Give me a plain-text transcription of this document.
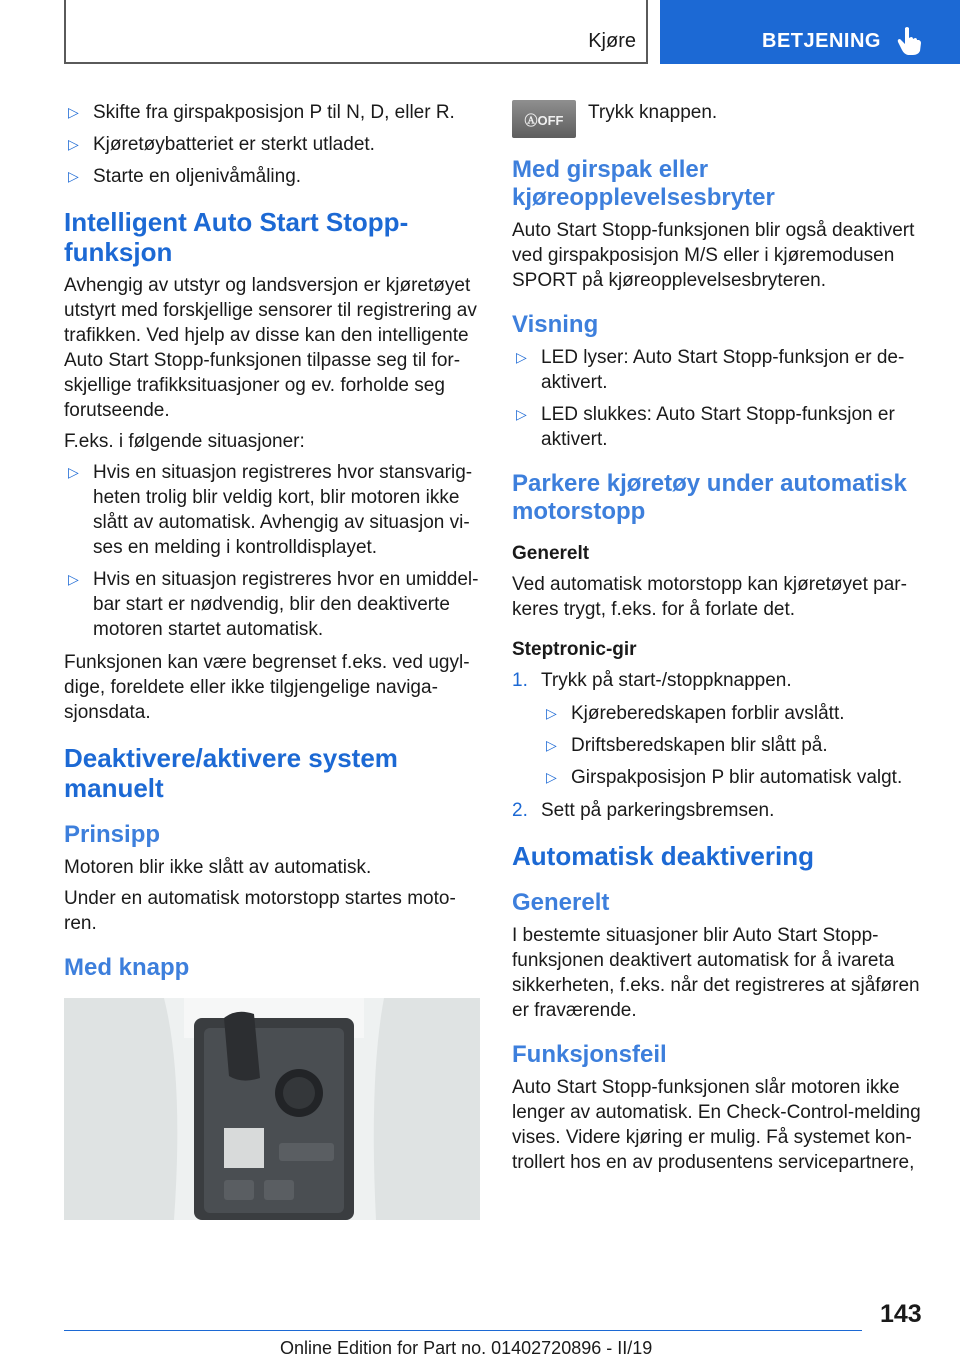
Kjøre	BETJENING
▷ Skifte fra girspakposisjon P til N, D, eller R.
▷ Kjøretøybatteriet er sterkt utladet.
▷ Starte en oljenivåmåling.
Intelligent Auto Start Stopp-funksjon

Avhengig av utstyr og landsversjon er kjøretøyet utstyrt med forskjellige sensorer til registrering av trafikken. Ved hjelp av disse kan den intelligente Auto Start Stopp-funksjonen tilpasse seg til for-skjellige trafikksituasjoner og ev. forholde seg forutseende.

F.eks. i følgende situasjoner:

▷ Hvis en situasjon registreres hvor stansvarig-heten trolig blir veldig kort, blir motoren ikke slått av automatisk. Avhengig av situasjon vi-ses en melding i kontrolldisplayet.
▷ Hvis en situasjon registreres hvor en umiddel-bar start er nødvendig, blir den deaktiverte motoren startet automatisk.

Funksjonen kan være begrenset f.eks. ved ugyl-dige, foreldete eller ikke tilgjengelige naviga-sjonsdata.

Deaktivere/aktivere system manuelt
Prinsipp

Motoren blir ikke slått av automatisk.

Under en automatisk motorstopp startes moto-ren.

Med knapp
ⒶOFF	Trykk knappen.

Med girspak eller kjøreopplevelsesbryter

Auto Start Stopp-funksjonen blir også deaktivert ved girspakposisjon M/S eller i kjøremodusen SPORT på kjøreopplevelsesbryteren.

Visning
▷ LED lyser: Auto Start Stopp-funksjon er de-aktivert.
▷ LED slukkes: Auto Start Stopp-funksjon er aktivert.
Parkere kjøretøy under automatisk motorstopp
Generelt

Ved automatisk motorstopp kan kjøretøyet par-keres trygt, f.eks. for å forlate det.

Steptronic-gir
1. Trykk på start-/stoppknappen.
▷ Kjøreberedskapen forblir avslått.
▷ Driftsberedskapen blir slått på.
▷ Girspakposisjon P blir automatisk valgt.
2. Sett på parkeringsbremsen.
Automatisk deaktivering
Generelt

I bestemte situasjoner blir Auto Start Stopp-funksjonen deaktivert automatisk for å ivareta sikkerheten, f.eks. når det registreres at sjåføren er fraværende.

Funksjonsfeil

Auto Start Stopp-funksjonen slår motoren ikke lenger av automatisk. En Check-Control-melding vises. Videre kjøring er mulig. Få systemet kon-trollert hos en av produsentens servicepartnere,

143
Online Edition for Part no. 01402720896 - II/19
